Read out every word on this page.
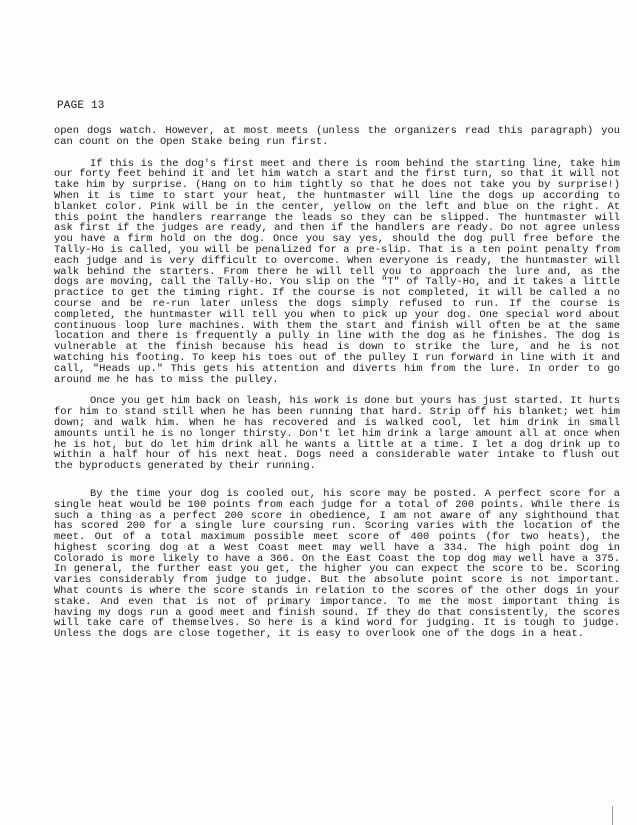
PAGE 13

open dogs watch. However, at most meets (unless the organizers read this paragraph) you can count on the Open Stake being run first.

If this is the dog's first meet and there is room behind the starting line, take him our forty feet behind it and let him watch a start and the first turn, so that it will not take him by surprise. (Hang on to him tightly so that he does not take you by surprise!) When it is time to start your heat, the huntmaster will line the dogs up according to blanket color. Pink will be in the center, yellow on the left and blue on the right. At this point the handlers rearrange the leads so they can be slipped. The huntmaster will ask first if the judges are ready, and then if the handlers are ready. Do not agree unless you have a firm hold on the dog. Once you say yes, should the dog pull free before the Tally-Ho is called, you will be penalized for a pre-slip. That is a ten point penalty from each judge and is very difficult to overcome. When everyone is ready, the huntmaster will walk behind the starters. From there he will tell you to approach the lure and, as the dogs are moving, call the Tally-Ho. You slip on the "T" of Tally-Ho, and it takes a little practice to get the timing right. If the course is not completed, it will be called a no course and be re-run later unless the dogs simply refused to run. If the course is completed, the huntmaster will tell you when to pick up your dog. One special word about continuous loop lure machines. With them the start and finish will often be at the same location and there is frequently a pully in line with the dog as he finishes. The dog is vulnerable at the finish because his head is down to strike the lure, and he is not watching his footing. To keep his toes out of the pulley I run forward in line with it and call, "Heads up." This gets his attention and diverts him from the lure. In order to go around me he has to miss the pulley.

Once you get him back on leash, his work is done but yours has just started. It hurts for him to stand still when he has been running that hard. Strip off his blanket; wet him down; and walk him. When he has recovered and is walked cool, let him drink in small amounts until he is no longer thirsty. Don't let him drink a large amount all at once when he is hot, but do let him drink all he wants a little at a time. I let a dog drink up to within a half hour of his next heat. Dogs need a considerable water intake to flush out the byproducts generated by their running.

By the time your dog is cooled out, his score may be posted. A perfect score for a single heat would be 100 points from each judge for a total of 200 points. While there is such a thing as a perfect 200 score in obedience, I am not aware of any sighthound that has scored 200 for a single lure coursing run. Scoring varies with the location of the meet. Out of a total maximum possible meet score of 400 points (for two heats), the highest scoring dog at a West Coast meet may well have a 334. The high point dog in Colorado is more likely to have a 366. On the East Coast the top dog may well have a 375. In general, the further east you get, the higher you can expect the score to be. Scoring varies considerably from judge to judge. But the absolute point score is not important. What counts is where the score stands in relation to the scores of the other dogs in your stake. And even that is not of primary importance. To me the most important thing is having my dogs run a good meet and finish sound. If they do that consistently, the scores will take care of themselves. So here is a kind word for judging. It is tough to judge. Unless the dogs are close together, it is easy to overlook one of the dogs in a heat.
